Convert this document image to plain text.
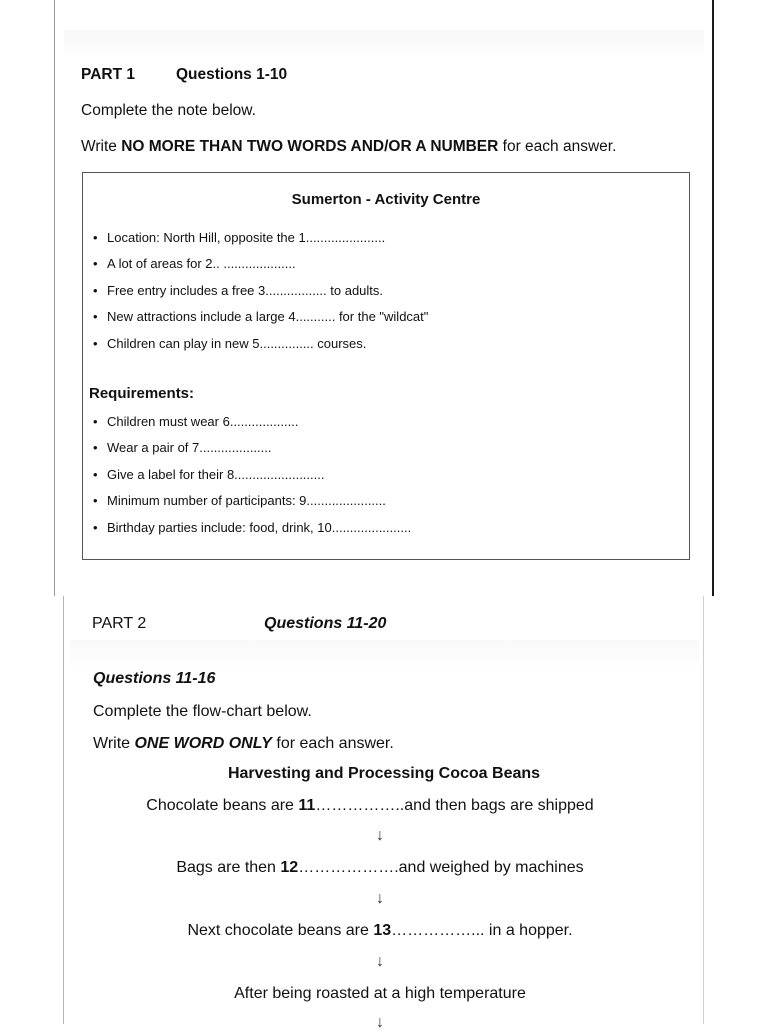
PART 1	Questions 1-10
Complete the note below.
Write NO MORE THAN TWO WORDS AND/OR A NUMBER for each answer.
Sumerton - Activity Centre
• Location: North Hill, opposite the 1......................
• A lot of areas for 2.. ....................
• Free entry includes a free 3................. to adults.
• New attractions include a large 4........... for the "wildcat"
• Children can play in new 5............... courses.
Requirements:
• Children must wear 6...................
• Wear a pair of 7....................
• Give a label for their 8.........................
• Minimum number of participants: 9......................
• Birthday parties include: food, drink, 10......................
PART 2	Questions 11-20
Questions 11-16
Complete the flow-chart below.
Write ONE WORD ONLY for each answer.
Harvesting and Processing Cocoa Beans
Chocolate beans are 11……………..and then bags are shipped
↓
Bags are then 12……………….and weighed by machines
↓
Next chocolate beans are 13……………... in a hopper.
↓
After being roasted at a high temperature
↓
